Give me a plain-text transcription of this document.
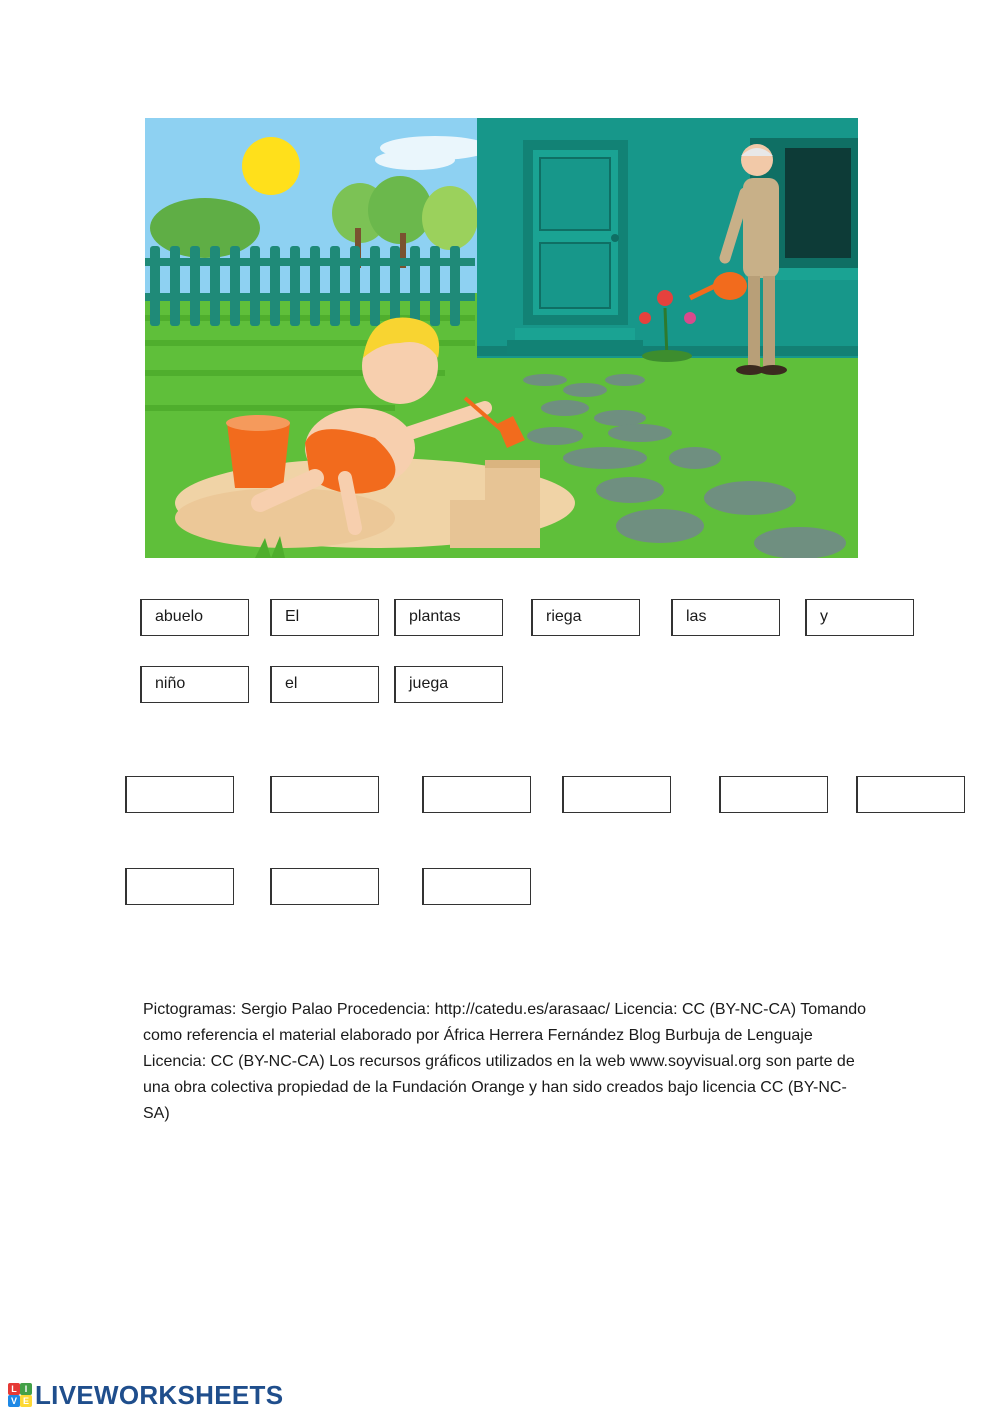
abuelo	El	plantas	riega	las	y
niño	el	juega
Pictogramas: Sergio Palao Procedencia: http://catedu.es/arasaac/ Licencia: CC (BY-NC-CA) Tomando como referencia el material elaborado por África Herrera Fernández Blog Burbuja de Lenguaje Licencia: CC (BY-NC-CA) Los recursos gráficos utilizados en la web www.soyvisual.org son parte de una obra colectiva propiedad de la Fundación Orange y han sido creados bajo licencia CC (BY-NC-SA)
L I
V E LIVEWORKSHEETS
